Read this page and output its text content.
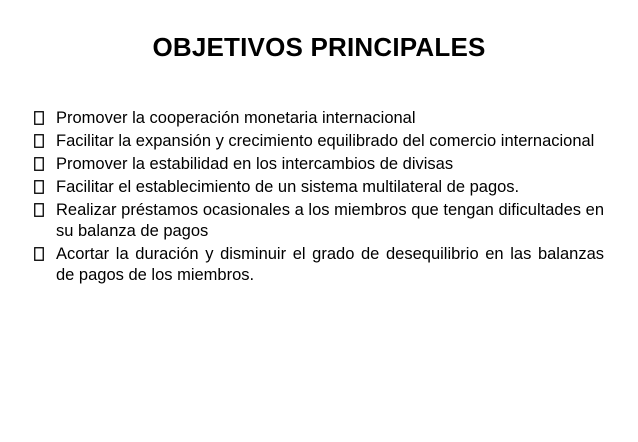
OBJETIVOS PRINCIPALES
Promover la cooperación monetaria internacional
Facilitar la expansión y crecimiento equilibrado del comercio internacional
Promover la estabilidad en los intercambios de divisas
Facilitar el establecimiento de un sistema multilateral de pagos.
Realizar préstamos ocasionales a los miembros que tengan dificultades en su balanza de pagos
Acortar la duración y disminuir el grado de desequilibrio en las balanzas de pagos de los miembros.
